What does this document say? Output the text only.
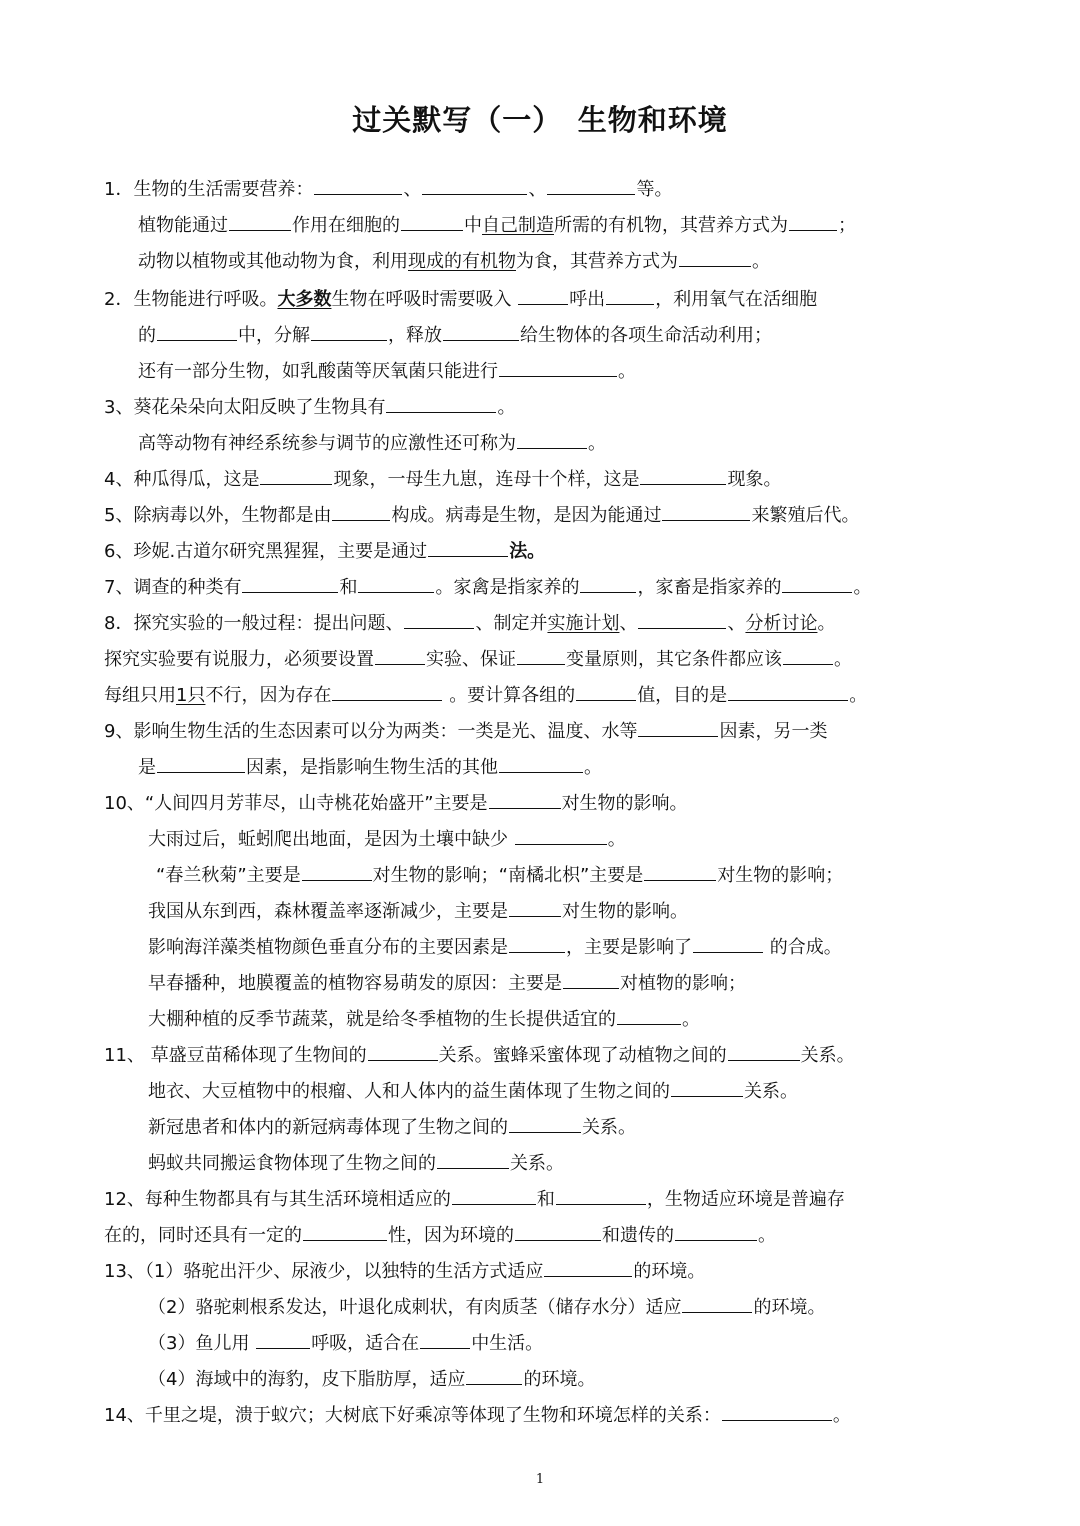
过关默写（一）　生物和环境
1．生物的生活需要营养：	、	、	等。
植物能通过	作用在细胞的	中自己制造所需的有机物，其营养方式为	；
动物以植物或其他动物为食，利用现成的有机物为食，其营养方式为	。
2．生物能进行呼吸。大多数生物在呼吸时需要吸入	呼出	，利用氧气在活细胞
的	中，分解	，释放	给生物体的各项生命活动利用；
还有一部分生物，如乳酸菌等厌氧菌只能进行	。
3、葵花朵朵向太阳反映了生物具有	。
高等动物有神经系统参与调节的应激性还可称为	。
4、种瓜得瓜，这是	现象，一母生九崽，连母十个样，这是	现象。
5、除病毒以外，生物都是由	构成。病毒是生物，是因为能通过	来繁殖后代。
6、珍妮.古道尔研究黑猩猩，主要是通过	法。
7、调查的种类有	和	。家禽是指家养的	，家畜是指家养的	。
8．探究实验的一般过程：提出问题、	、制定并实施计划、	、分析讨论。
探究实验要有说服力，必须要设置	实验、保证	变量原则，其它条件都应该	。
每组只用1只不行，因为存在	。要计算各组的	值，目的是	。
9、影响生物生活的生态因素可以分为两类：一类是光、温度、水等	因素，另一类
是	因素，是指影响生物生活的其他	。
10、“人间四月芳菲尽，山寺桃花始盛开”主要是	对生物的影响。
大雨过后，蚯蚓爬出地面，是因为土壤中缺少	。
“春兰秋菊”主要是	对生物的影响；“南橘北枳”主要是	对生物的影响；
我国从东到西，森林覆盖率逐渐减少，主要是	对生物的影响。
影响海洋藻类植物颜色垂直分布的主要因素是	，主要是影响了	的合成。
早春播种，地膜覆盖的植物容易萌发的原因：主要是	对植物的影响；
大棚种植的反季节蔬菜，就是给冬季植物的生长提供适宜的	。
11、 草盛豆苗稀体现了生物间的	关系。蜜蜂采蜜体现了动植物之间的	关系。
地衣、大豆植物中的根瘤、人和人体内的益生菌体现了生物之间的	关系。
新冠患者和体内的新冠病毒体现了生物之间的	关系。
蚂蚁共同搬运食物体现了生物之间的	关系。
12、每种生物都具有与其生活环境相适应的	和	，生物适应环境是普遍存
在的，同时还具有一定的	性，因为环境的	和遗传的	。
13、（1）骆驼出汗少、尿液少，以独特的生活方式适应	的环境。
（2）骆驼刺根系发达，叶退化成刺状，有肉质茎（储存水分）适应	的环境。
（3）鱼儿用	呼吸，适合在	中生活。
（4）海域中的海豹，皮下脂肪厚，适应	的环境。
14、千里之堤，溃于蚁穴；大树底下好乘凉等体现了生物和环境怎样的关系：	。
1
